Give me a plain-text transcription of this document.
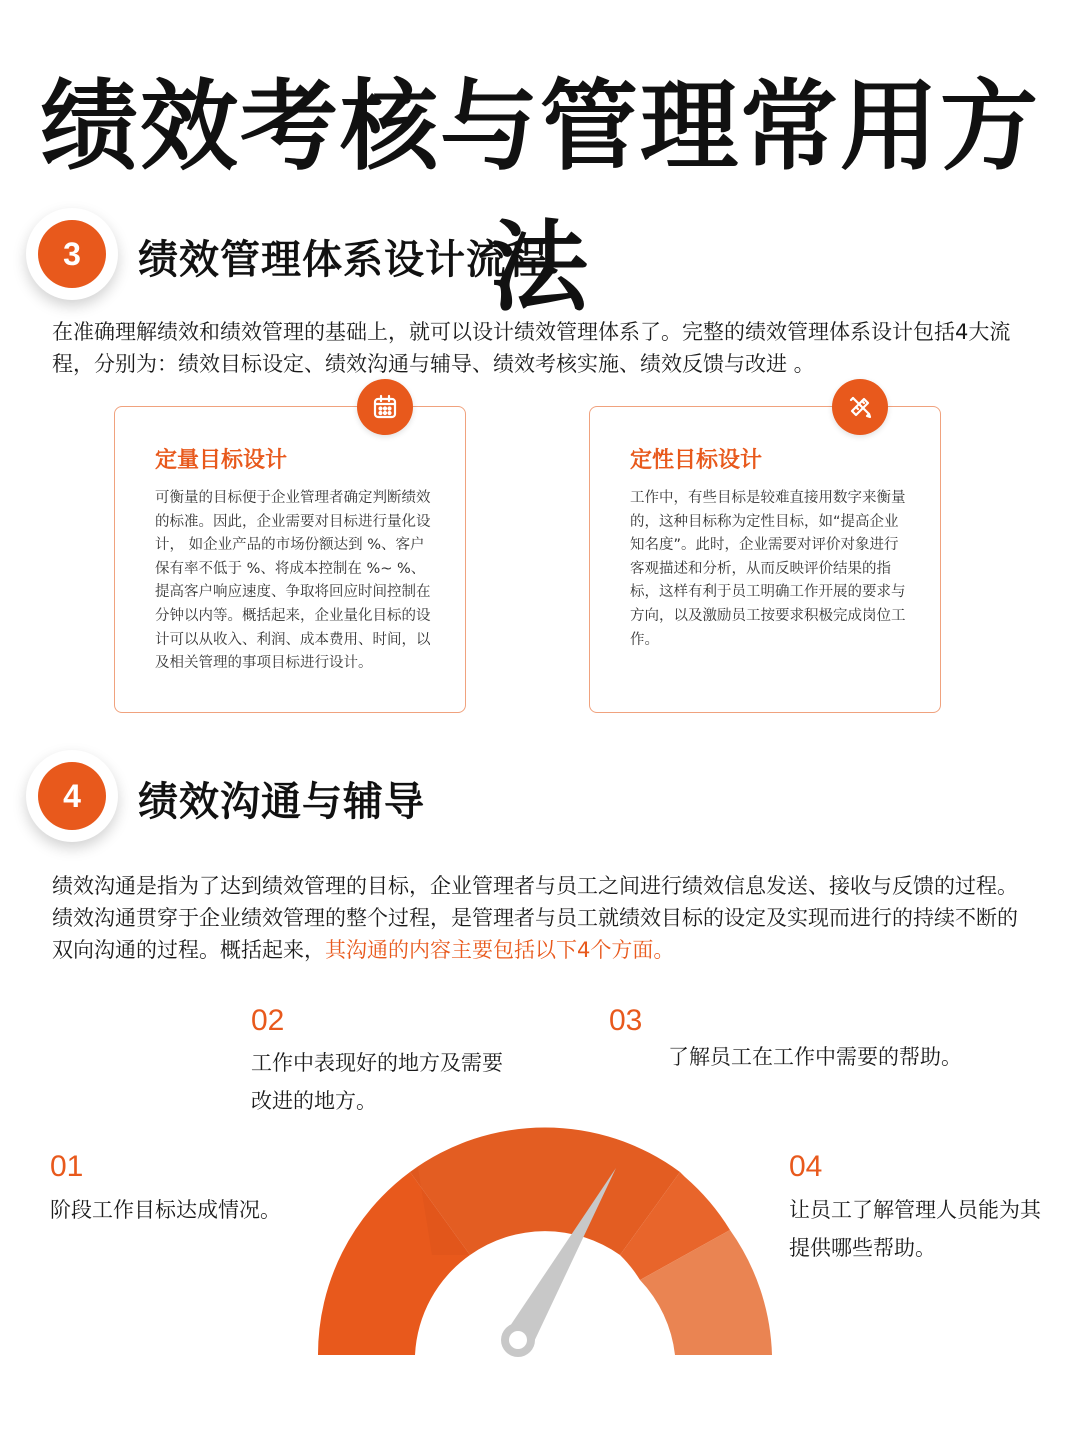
绩效考核与管理常用方法
3	绩效管理体系设计流程
在准确理解绩效和绩效管理的基础上，就可以设计绩效管理体系了。完整的绩效管理体系设计包括4大流程，分别为：绩效目标设定、绩效沟通与辅导、绩效考核实施、绩效反馈与改进 。
定量目标设计
可衡量的目标便于企业管理者确定判断绩效的标准。因此，企业需要对目标进行量化设计， 如企业产品的市场份额达到 %、客户保有率不低于 %、将成本控制在 %~ %、 提高客户响应速度、争取将回应时间控制在 分钟以内等。概括起来，企业量化目标的设计可以从收入、利润、成本费用、时间，以及相关管理的事项目标进行设计。
定性目标设计
工作中，有些目标是较难直接用数字来衡量的，这种目标称为定性目标，如“提高企业知名度”。此时，企业需要对评价对象进行客观描述和分析，从而反映评价结果的指标，这样有利于员工明确工作开展的要求与方向，以及激励员工按要求积极完成岗位工作。
4	绩效沟通与辅导
绩效沟通是指为了达到绩效管理的目标，企业管理者与员工之间进行绩效信息发送、接收与反馈的过程。绩效沟通贯穿于企业绩效管理的整个过程，是管理者与员工就绩效目标的设定及实现而进行的持续不断的双向沟通的过程。概括起来，其沟通的内容主要包括以下4个方面。
01
阶段工作目标达成情况。
02
工作中表现好的地方及需要
改进的地方。
03
了解员工在工作中需要的帮助。
04
让员工了解管理人员能为其
提供哪些帮助。
